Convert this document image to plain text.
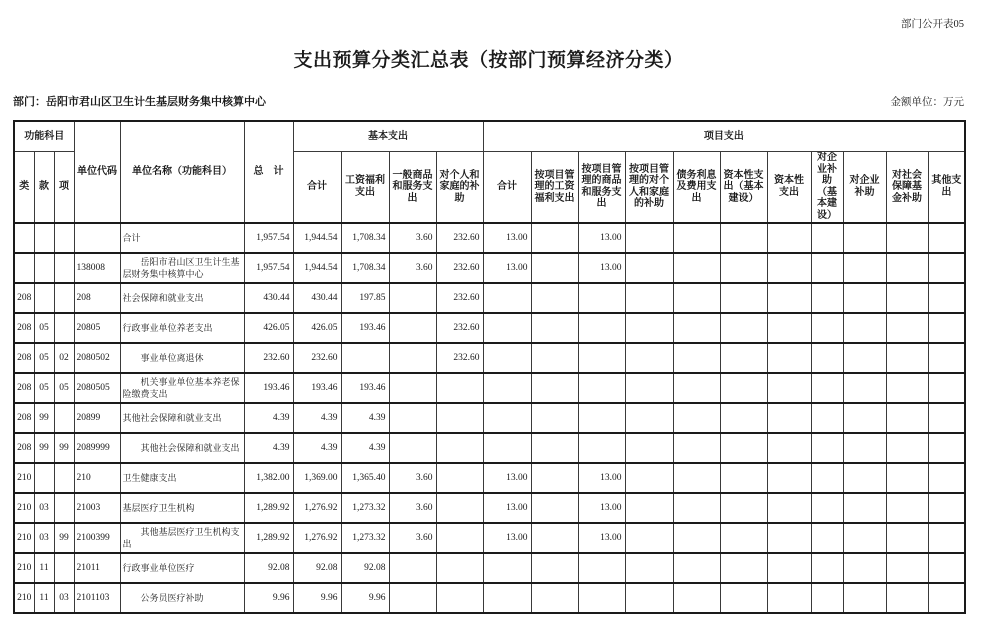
部门公开表05
支出预算分类汇总表（按部门预算经济分类）
部门：岳阳市君山区卫生计生基层财务集中核算中心	金额单位：万元
功能科目			单位代码	单位名称（功能科目）	总　计	基本支出				项目支出										
类	款	项				合计	工资福利支出	一般商品和服务支出	对个人和家庭的补助	合计	按项目管理的工资福利支出	按项目管理的商品和服务支出	按项目管理的对个人和家庭的补助	债务利息及费用支出	资本性支出（基本建设）	资本性支出	对企业补助（基本建设）	对企业补助	对社会保障基金补助	其他支出
				合计	1,957.54	1,944.54	1,708.34	3.60	232.60	13.00		13.00								
			138008	岳阳市君山区卫生计生基层财务集中核算中心	1,957.54	1,944.54	1,708.34	3.60	232.60	13.00		13.00								
208			208	社会保障和就业支出	430.44	430.44	197.85		232.60											
208	05		20805	行政事业单位养老支出	426.05	426.05	193.46		232.60											
208	05	02	2080502	事业单位离退休	232.60	232.60			232.60											
208	05	05	2080505	机关事业单位基本养老保险缴费支出	193.46	193.46	193.46													
208	99		20899	其他社会保障和就业支出	4.39	4.39	4.39													
208	99	99	2089999	其他社会保障和就业支出	4.39	4.39	4.39													
210			210	卫生健康支出	1,382.00	1,369.00	1,365.40	3.60		13.00		13.00								
210	03		21003	基层医疗卫生机构	1,289.92	1,276.92	1,273.32	3.60		13.00		13.00								
210	03	99	2100399	其他基层医疗卫生机构支出	1,289.92	1,276.92	1,273.32	3.60		13.00		13.00								
210	11		21011	行政事业单位医疗	92.08	92.08	92.08													
210	11	03	2101103	公务员医疗补助	9.96	9.96	9.96													
